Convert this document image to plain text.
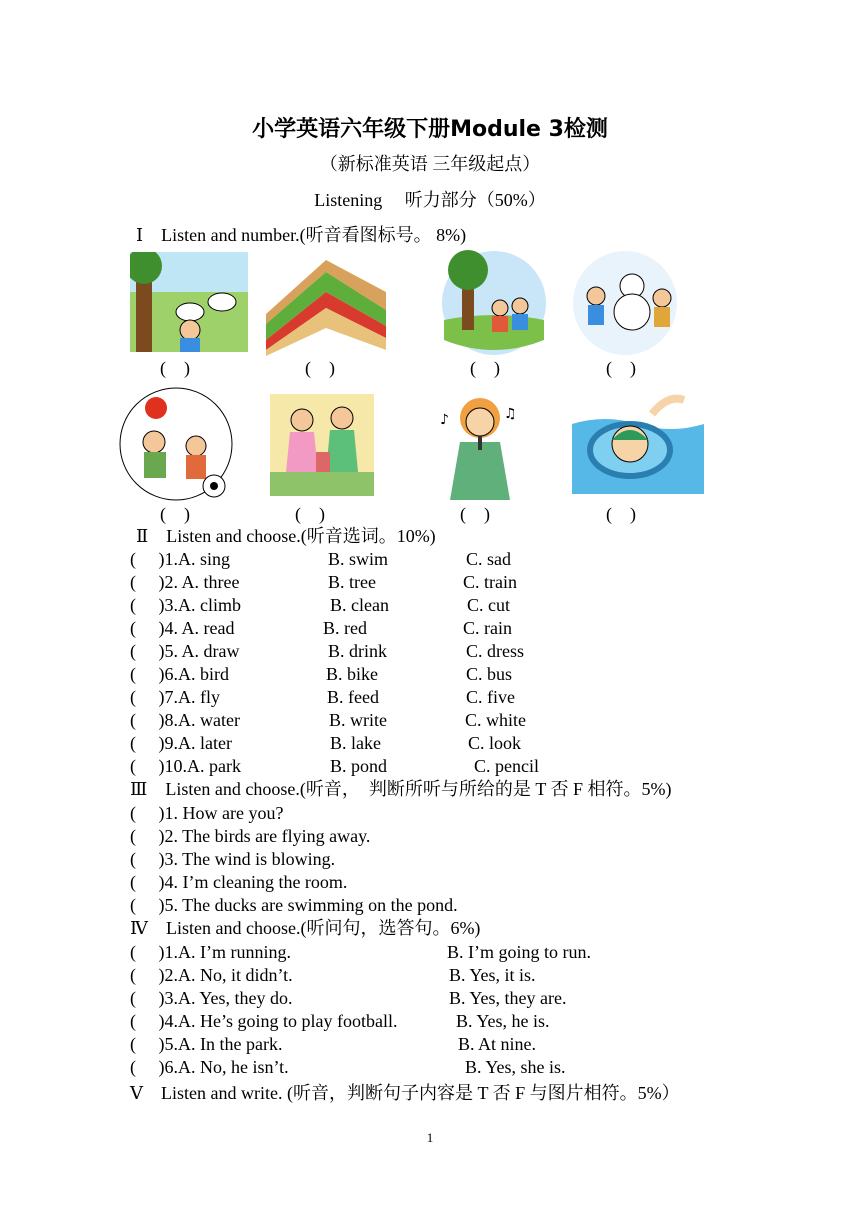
小学英语六年级下册Module 3检测
（新标准英语 三年级起点）
Listening　 听力部分（50%）
Ⅰ　Listen and number.(听音看图标号。 8%)
(　)	(　)	(　)	(　)
♪	♫
(　)	(　)	(　)	(　)
Ⅱ　Listen and choose.(听音选词。10%)
(　 )1.A. sing	B. swim	C. sad
(　 )2. A. three	B. tree	C. train
(　 )3.A. climb	B. clean	C. cut
(　 )4. A. read	B. red	C. rain
(　 )5. A. draw	B. drink	C. dress
(　 )6.A. bird	B. bike	C. bus
(　 )7.A. fly	B. feed	C. five
(　 )8.A. water	B. write	C. white
(　 )9.A. later	B. lake	C. look
(　 )10.A. park	B. pond	C. pencil
Ⅲ　Listen and choose.(听音，　判断所听与所给的是 T 否 F 相符。5%)
(　 )1. How are you?
(　 )2. The birds are flying away.
(　 )3. The wind is blowing.
(　 )4. I’m cleaning the room.
(　 )5. The ducks are swimming on the pond.
Ⅳ　Listen and choose.(听问句，选答句。6%)
(　 )1.A. I’m running.	B. I’m going to run.
(　 )2.A. No, it didn’t.	B. Yes, it is.
(　 )3.A. Yes, they do.	B. Yes, they are.
(　 )4.A. He’s going to play football.	B. Yes, he is.
(　 )5.A. In the park.	B. At nine.
(　 )6.A. No, he isn’t.	B. Yes, she is.
Ⅴ　Listen and write. (听音，判断句子内容是 T 否 F 与图片相符。5%）
1
